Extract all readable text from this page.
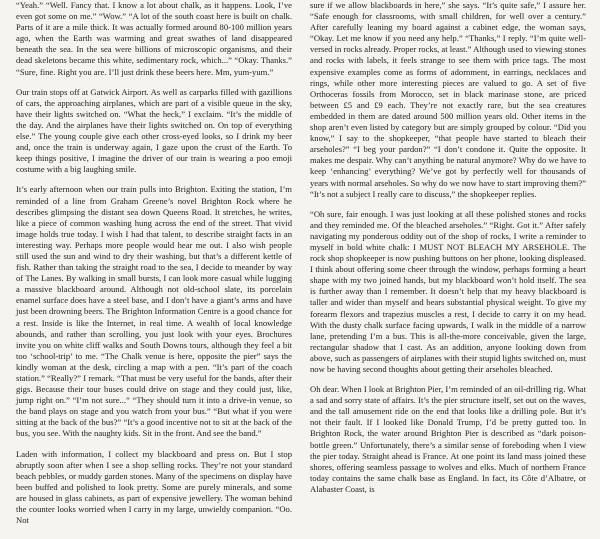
“Yeah.” “Well. Fancy that. I know a lot about chalk, as it happens. Look, I’ve even got some on me.” “Wow.” “A lot of the south coast here is built on chalk. Parts of it are a mile thick. It was actually formed around 80-100 million years ago, when the Earth was warming and great swathes of land disappeared beneath the sea. In the sea were billions of microscopic organisms, and their dead skeletons became this white, sedimentary rock, which...” “Okay. Thanks.” “Sure, fine. Right you are. I’ll just drink these beers here. Mm, yum-yum.”

Our train stops off at Gatwick Airport. As well as carparks filled with gazillions of cars, the approaching airplanes, which are part of a visible queue in the sky, have their lights switched on. “What the heck,” I exclaim. “It’s the middle of the day. And the airplanes have their lights switched on. On top of everything else.” The young couple give each other cross-eyed looks, so I drink my beer and, once the train is underway again, I gaze upon the crust of the Earth. To keep things positive, I imagine the driver of our train is wearing a poo emoji costume with a big laughing smile.

It’s early afternoon when our train pulls into Brighton. Exiting the station, I’m reminded of a line from Graham Greene’s novel Brighton Rock where he describes glimpsing the distant sea down Queens Road. It stretches, he writes, like a piece of common washing hung across the end of the street. That vivid image holds true today. I wish I had that talent, to describe straight facts in an interesting way. Perhaps more people would hear me out. I also wish people still used the sun and wind to dry their washing, but that’s a different kettle of fish. Rather than taking the straight road to the sea, I decide to meander by way of The Lanes. By walking in small bursts, I can look more casual while lugging a massive blackboard around. Although not old-school slate, its porcelain enamel surface does have a steel base, and I don’t have a giant’s arms and have just been drowning beers. The Brighton Information Centre is a good chance for a rest. Inside is like the Internet, in real time. A wealth of local knowledge abounds, and rather than scrolling, you just look with your eyes. Brochures invite you on white cliff walks and South Downs tours, although they feel a bit too ‘school-trip’ to me. “The Chalk venue is here, opposite the pier” says the kindly woman at the desk, circling a map with a pen. “It’s part of the coach station.” “Really?” I remark. “That must be very useful for the bands, after their gigs. Because their tour buses could drive on stage and they could just, like, jump right on.” “I’m not sure...” “They should turn it into a drive-in venue, so the band plays on stage and you watch from your bus.” “But what if you were sitting at the back of the bus?” “It’s a good incentive not to sit at the back of the bus, you see. With the naughty kids. Sit in the front. And see the band.”

Laden with information, I collect my blackboard and press on. But I stop abruptly soon after when I see a shop selling rocks. They’re not your standard beach pebbles, or muddy garden stones. Many of the specimens on display have been buffed and polished to look pretty. Some are purely minerals, and some are housed in glass cabinets, as part of expensive jewellery. The woman behind the counter looks worried when I carry in my large, unwieldy companion. “Oo. Not

sure if we allow blackboards in here,” she says. “It’s quite safe,” I assure her. “Safe enough for classrooms, with small children, for well over a century.” After carefully leaning my board against a cabinet edge, the woman says, “Okay. Let me know if you need any help.” “Thanks,” I reply. “I’m quite well-versed in rocks already. Proper rocks, at least.” Although used to viewing stones and rocks with labels, it feels strange to see them with price tags. The most expensive examples come as forms of adornment, in earrings, necklaces and rings, while other more interesting pieces are valued to go. A set of five Orthoceras fossils from Morocco, set in black marinase stone, are priced between £5 and £9 each. They’re not exactly rare, but the sea creatures embedded in them are dated around 500 million years old. Other items in the shop aren’t even listed by category but are simply grouped by colour. “Did you know,” I say to the shopkeeper, “that people have started to bleach their arseholes?” “I beg your pardon?” “I don’t condone it. Quite the opposite. It makes me despair. Why can’t anything be natural anymore? Why do we have to keep ‘enhancing’ everything? We’ve got by perfectly well for thousands of years with normal arseholes. So why do we now have to start improving them?” “It’s not a subject I really care to discuss,” the shopkeeper replies.

“Oh sure, fair enough. I was just looking at all these polished stones and rocks and they reminded me. Of the bleached arseholes.” “Right. Got it.” After safely navigating my ponderous oddity out of the shop of rocks, I write a reminder to myself in bold white chalk: I MUST NOT BLEACH MY ARSEHOLE. The rock shop shopkeeper is now pushing buttons on her phone, looking displeased. I think about offering some cheer through the window, perhaps forming a heart shape with my two joined hands, but my blackboard won’t hold itself. The sea is further away than I remember. It doesn’t help that my heavy blackboard is taller and wider than myself and bears substantial physical weight. To give my forearm flexors and trapezius muscles a rest, I decide to carry it on my head. With the dusty chalk surface facing upwards, I walk in the middle of a narrow lane, pretending I’m a bus. This is all-the-more conceivable, given the large, rectangular shadow that I cast. As an addition, anyone looking down from above, such as passengers of airplanes with their stupid lights switched on, must now be having second thoughts about getting their arseholes bleached.

Oh dear. When I look at Brighton Pier, I’m reminded of an oil-drilling rig. What a sad and sorry state of affairs. It’s the pier structure itself, set out on the waves, and the tall amusement ride on the end that looks like a drilling pole. But it’s not their fault. If I looked like Donald Trump, I’d be pretty gutted too. In Brighton Rock, the water around Brighton Pier is described as “dark poison-bottle green.” Unfortunately, there’s a similar sense of foreboding when I view the pier today. Straight ahead is France. At one point its land mass joined these shores, offering seamless passage to wolves and elks. Much of northern France today contains the same chalk base as England. In fact, its Côte d’Albatre, or Alabaster Coast, is
